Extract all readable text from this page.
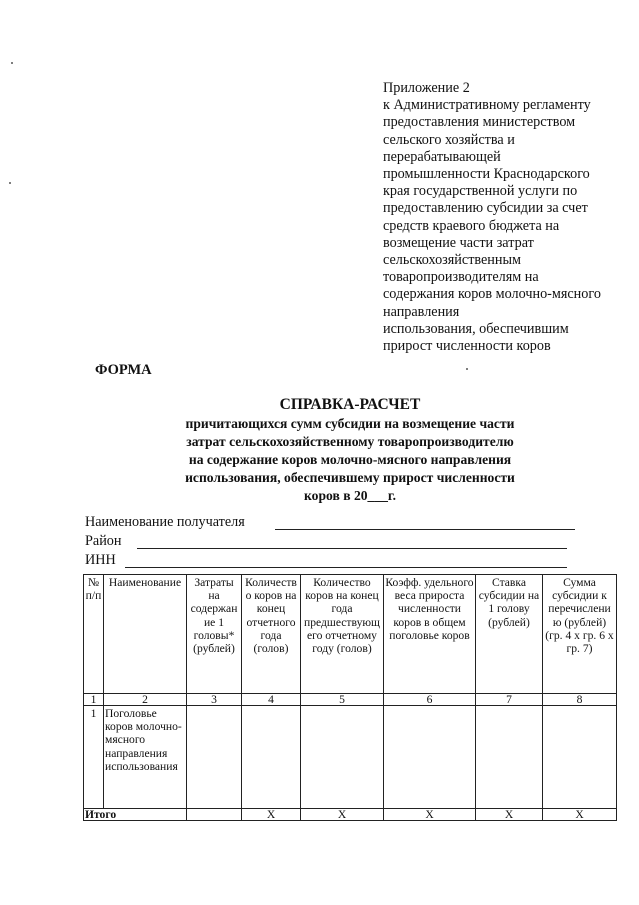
Приложение 2
к Административному регламенту
предоставления министерством
сельского хозяйства и
перерабатывающей
промышленности Краснодарского
края государственной услуги по
предоставлению субсидии за счет
средств краевого бюджета на
возмещение части затрат
сельскохозяйственным
товаропроизводителям на
содержания коров молочно-мясного
направления
использования, обеспечившим
прирост численности коров
ФОРМА
СПРАВКА-РАСЧЕТ
причитающихся сумм субсидии на возмещение части
затрат сельскохозяйственному товаропроизводителю
на содержание коров молочно-мясного направления
использования, обеспечившему прирост численности
коров в 20___г.
Наименование получателя
Район
ИНН
№ п/п	Наименование	Затраты на содержание 1 головы* (рублей)	Количество коров на конец отчетного года (голов)	Количество коров на конец года предшествующего отчетному году (голов)	Коэфф. удельного веса прироста численности коров в общем поголовье коров	Ставка субсидии на 1 голову (рублей)	Сумма субсидии к перечислению (рублей) (гр. 4 х гр. 6 х гр. 7)	
1	2	3	4	5	6	7	8	
1	Поголовье коров молочно-мясного направления использования							
Итого			Х	Х	Х	Х	Х	
